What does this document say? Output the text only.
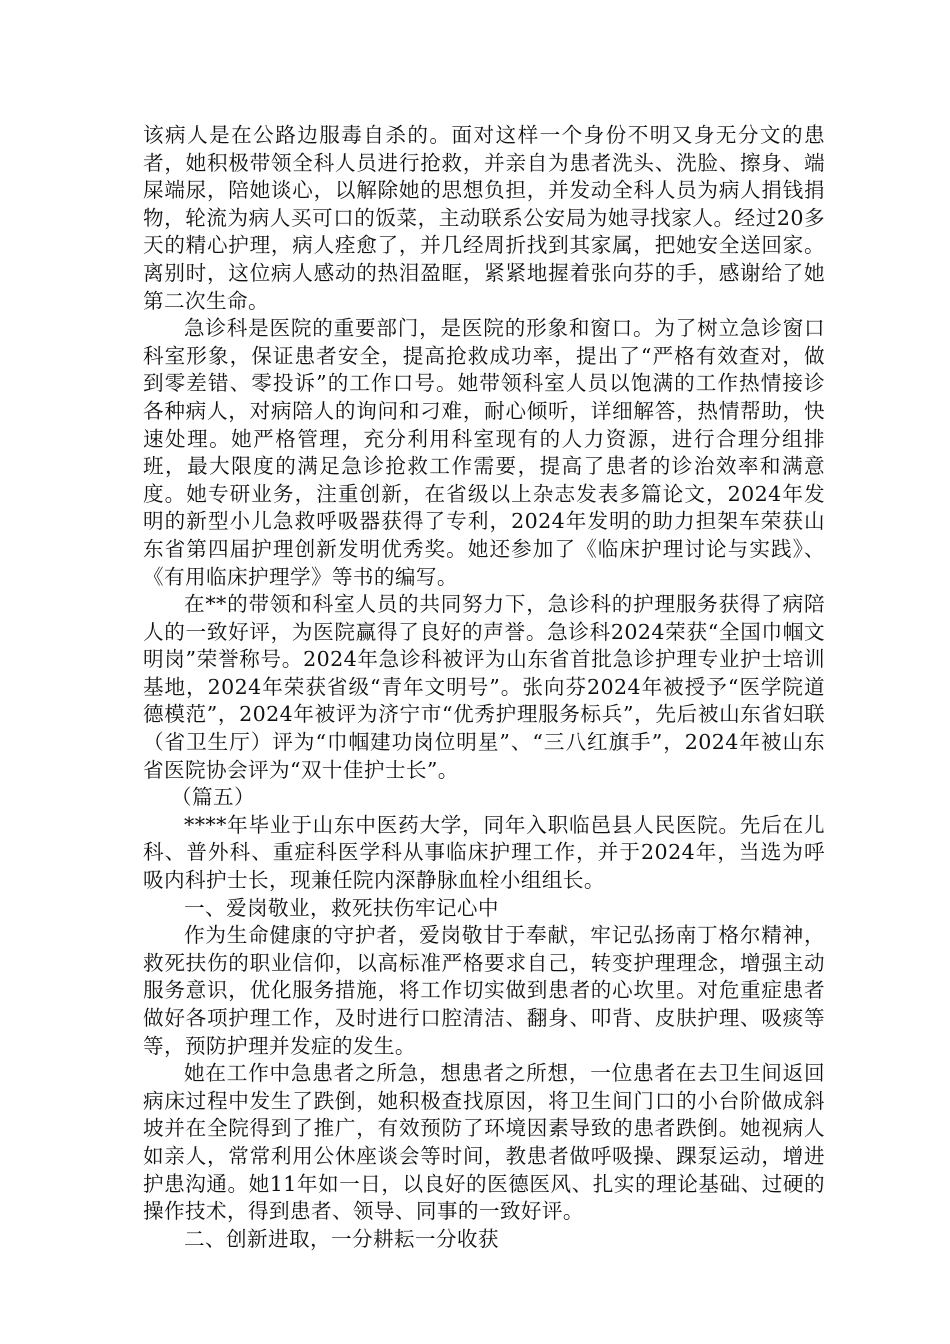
该病人是在公路边服毒自杀的。面对这样一个身份不明又身无分文的患者，她积极带领全科人员进行抢救，并亲自为患者洗头、洗脸、擦身、端屎端尿，陪她谈心，以解除她的思想负担，并发动全科人员为病人捐钱捐物，轮流为病人买可口的饭菜，主动联系公安局为她寻找家人。经过20多天的精心护理，病人痊愈了，并几经周折找到其家属，把她安全送回家。离别时，这位病人感动的热泪盈眶，紧紧地握着张向芬的手，感谢给了她第二次生命。

急诊科是医院的重要部门，是医院的形象和窗口。为了树立急诊窗口科室形象，保证患者安全，提高抢救成功率，提出了“严格有效查对，做到零差错、零投诉”的工作口号。她带领科室人员以饱满的工作热情接诊各种病人，对病陪人的询问和刁难，耐心倾听，详细解答，热情帮助，快速处理。她严格管理，充分利用科室现有的人力资源，进行合理分组排班，最大限度的满足急诊抢救工作需要，提高了患者的诊治效率和满意度。她专研业务，注重创新，在省级以上杂志发表多篇论文，2024年发明的新型小儿急救呼吸器获得了专利，2024年发明的助力担架车荣获山东省第四届护理创新发明优秀奖。她还参加了《临床护理讨论与实践》、《有用临床护理学》等书的编写。

在**的带领和科室人员的共同努力下，急诊科的护理服务获得了病陪人的一致好评，为医院赢得了良好的声誉。急诊科2024荣获“全国巾帼文明岗”荣誉称号。2024年急诊科被评为山东省首批急诊护理专业护士培训基地，2024年荣获省级“青年文明号”。张向芬2024年被授予“医学院道德模范”，2024年被评为济宁市“优秀护理服务标兵”，先后被山东省妇联（省卫生厅）评为“巾帼建功岗位明星”、“三八红旗手”，2024年被山东省医院协会评为“双十佳护士长”。

（篇五）

****年毕业于山东中医药大学，同年入职临邑县人民医院。先后在儿科、普外科、重症科医学科从事临床护理工作，并于2024年，当选为呼吸内科护士长，现兼任院内深静脉血栓小组组长。

一、爱岗敬业，救死扶伤牢记心中

作为生命健康的守护者，爱岗敬甘于奉献，牢记弘扬南丁格尔精神，救死扶伤的职业信仰，以高标准严格要求自己，转变护理理念，增强主动服务意识，优化服务措施，将工作切实做到患者的心坎里。对危重症患者做好各项护理工作，及时进行口腔清洁、翻身、叩背、皮肤护理、吸痰等等，预防护理并发症的发生。

她在工作中急患者之所急，想患者之所想，一位患者在去卫生间返回病床过程中发生了跌倒，她积极查找原因，将卫生间门口的小台阶做成斜坡并在全院得到了推广，有效预防了环境因素导致的患者跌倒。她视病人如亲人，常常利用公休座谈会等时间，教患者做呼吸操、踝泵运动，增进护患沟通。她11年如一日，以良好的医德医风、扎实的理论基础、过硬的操作技术，得到患者、领导、同事的一致好评。

二、创新进取，一分耕耘一分收获
